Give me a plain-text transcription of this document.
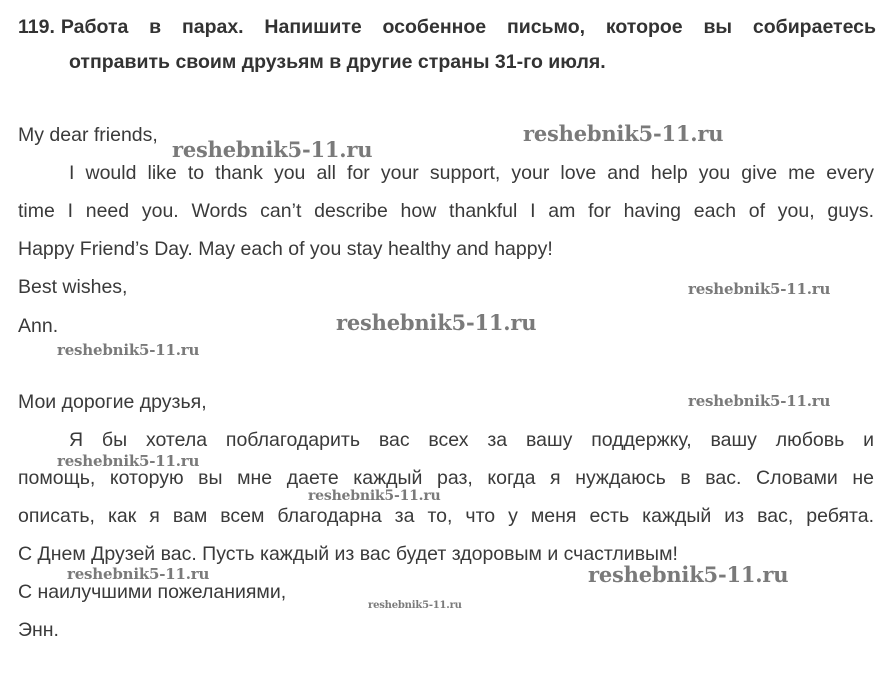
119. Работа в парах. Напишите особенное письмо, которое вы собираетесь
отправить своим друзьям в другие страны 31-го июля.
My dear friends,
I would like to thank you all for your support, your love and help you give me every
time I need you. Words can’t describe how thankful I am for having each of you, guys.
Happy Friend’s Day. May each of you stay healthy and happy!
Best wishes,
Ann.
Мои дорогие друзья,
Я бы хотела поблагодарить вас всех за вашу поддержку, вашу любовь и
помощь, которую вы мне даете каждый раз, когда я нуждаюсь в вас. Словами не
описать, как я вам всем благодарна за то, что у меня есть каждый из вас, ребята.
С Днем Друзей вас. Пусть каждый из вас будет здоровым и счастливым!
С наилучшими пожеланиями,
Энн.
reshebnik5-11.ru
reshebnik5-11.ru
reshebnik5-11.ru
reshebnik5-11.ru
reshebnik5-11.ru
reshebnik5-11.ru
reshebnik5-11.ru
reshebnik5-11.ru
reshebnik5-11.ru	reshebnik5-11.ru
reshebnik5-11.ru
